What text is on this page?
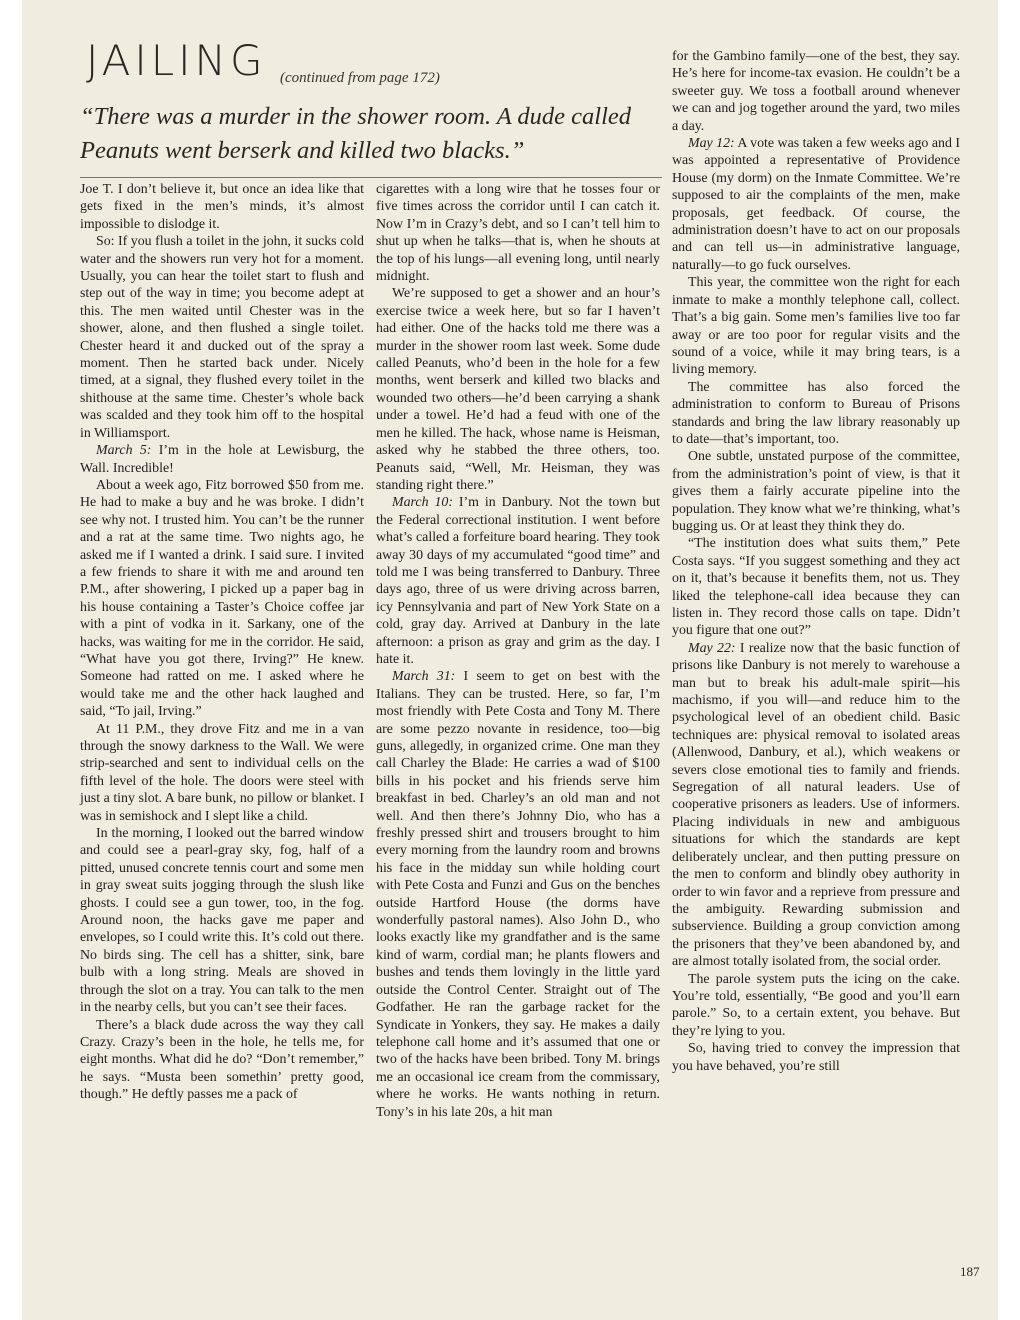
JAILING (continued from page 172)
“There was a murder in the shower room. A dude called Peanuts went berserk and killed two blacks.”

Joe T. I don’t believe it, but once an idea like that gets fixed in the men’s minds, it’s almost impossible to dislodge it.

So: If you flush a toilet in the john, it sucks cold water and the showers run very hot for a moment. Usually, you can hear the toilet start to flush and step out of the way in time; you become adept at this. The men waited until Chester was in the shower, alone, and then flushed a single toilet. Chester heard it and ducked out of the spray a moment. Then he started back under. Nicely timed, at a signal, they flushed every toilet in the shithouse at the same time. Chester’s whole back was scalded and they took him off to the hospital in Williamsport.

March 5: I’m in the hole at Lewisburg, the Wall. Incredible!

About a week ago, Fitz borrowed $50 from me. He had to make a buy and he was broke. I didn’t see why not. I trusted him. You can’t be the runner and a rat at the same time. Two nights ago, he asked me if I wanted a drink. I said sure. I invited a few friends to share it with me and around ten P.M., after showering, I picked up a paper bag in his house containing a Taster’s Choice coffee jar with a pint of vodka in it. Sarkany, one of the hacks, was waiting for me in the corridor. He said, “What have you got there, Irving?” He knew. Someone had ratted on me. I asked where he would take me and the other hack laughed and said, “To jail, Irving.”

At 11 P.M., they drove Fitz and me in a van through the snowy darkness to the Wall. We were strip-searched and sent to individual cells on the fifth level of the hole. The doors were steel with just a tiny slot. A bare bunk, no pillow or blanket. I was in semishock and I slept like a child.

In the morning, I looked out the barred window and could see a pearl-gray sky, fog, half of a pitted, unused concrete tennis court and some men in gray sweat suits jogging through the slush like ghosts. I could see a gun tower, too, in the fog. Around noon, the hacks gave me paper and envelopes, so I could write this. It’s cold out there. No birds sing. The cell has a shitter, sink, bare bulb with a long string. Meals are shoved in through the slot on a tray. You can talk to the men in the nearby cells, but you can’t see their faces.

There’s a black dude across the way they call Crazy. Crazy’s been in the hole, he tells me, for eight months. What did he do? “Don’t remember,” he says. “Musta been somethin’ pretty good, though.” He deftly passes me a pack of

cigarettes with a long wire that he tosses four or five times across the corridor until I can catch it. Now I’m in Crazy’s debt, and so I can’t tell him to shut up when he talks—that is, when he shouts at the top of his lungs—all evening long, until nearly midnight.

We’re supposed to get a shower and an hour’s exercise twice a week here, but so far I haven’t had either. One of the hacks told me there was a murder in the shower room last week. Some dude called Peanuts, who’d been in the hole for a few months, went berserk and killed two blacks and wounded two others—he’d been carrying a shank under a towel. He’d had a feud with one of the men he killed. The hack, whose name is Heisman, asked why he stabbed the three others, too. Peanuts said, “Well, Mr. Heisman, they was standing right there.”

March 10: I’m in Danbury. Not the town but the Federal correctional institution. I went before what’s called a forfeiture board hearing. They took away 30 days of my accumulated “good time” and told me I was being transferred to Danbury. Three days ago, three of us were driving across barren, icy Pennsylvania and part of New York State on a cold, gray day. Arrived at Danbury in the late afternoon: a prison as gray and grim as the day. I hate it.

March 31: I seem to get on best with the Italians. They can be trusted. Here, so far, I’m most friendly with Pete Costa and Tony M. There are some pezzo novante in residence, too—big guns, allegedly, in organized crime. One man they call Charley the Blade: He carries a wad of $100 bills in his pocket and his friends serve him breakfast in bed. Charley’s an old man and not well. And then there’s Johnny Dio, who has a freshly pressed shirt and trousers brought to him every morning from the laundry room and browns his face in the midday sun while holding court with Pete Costa and Funzi and Gus on the benches outside Hartford House (the dorms have wonderfully pastoral names). Also John D., who looks exactly like my grandfather and is the same kind of warm, cordial man; he plants flowers and bushes and tends them lovingly in the little yard outside the Control Center. Straight out of The Godfather. He ran the garbage racket for the Syndicate in Yonkers, they say. He makes a daily telephone call home and it’s assumed that one or two of the hacks have been bribed. Tony M. brings me an occasional ice cream from the commissary, where he works. He wants nothing in return. Tony’s in his late 20s, a hit man

for the Gambino family—one of the best, they say. He’s here for income-tax evasion. He couldn’t be a sweeter guy. We toss a football around whenever we can and jog together around the yard, two miles a day.

May 12: A vote was taken a few weeks ago and I was appointed a representative of Providence House (my dorm) on the Inmate Committee. We’re supposed to air the complaints of the men, make proposals, get feedback. Of course, the administration doesn’t have to act on our proposals and can tell us—in administrative language, naturally—to go fuck ourselves.

This year, the committee won the right for each inmate to make a monthly telephone call, collect. That’s a big gain. Some men’s families live too far away or are too poor for regular visits and the sound of a voice, while it may bring tears, is a living memory.

The committee has also forced the administration to conform to Bureau of Prisons standards and bring the law library reasonably up to date—that’s important, too.

One subtle, unstated purpose of the committee, from the administration’s point of view, is that it gives them a fairly accurate pipeline into the population. They know what we’re thinking, what’s bugging us. Or at least they think they do.

“The institution does what suits them,” Pete Costa says. “If you suggest something and they act on it, that’s because it benefits them, not us. They liked the telephone-call idea because they can listen in. They record those calls on tape. Didn’t you figure that one out?”

May 22: I realize now that the basic function of prisons like Danbury is not merely to warehouse a man but to break his adult-male spirit—his machismo, if you will—and reduce him to the psychological level of an obedient child. Basic techniques are: physical removal to isolated areas (Allenwood, Danbury, et al.), which weakens or severs close emotional ties to family and friends. Segregation of all natural leaders. Use of cooperative prisoners as leaders. Use of informers. Placing individuals in new and ambiguous situations for which the standards are kept deliberately unclear, and then putting pressure on the men to conform and blindly obey authority in order to win favor and a reprieve from pressure and the ambiguity. Rewarding submission and subservience. Building a group conviction among the prisoners that they’ve been abandoned by, and are almost totally isolated from, the social order.

The parole system puts the icing on the cake. You’re told, essentially, “Be good and you’ll earn parole.” So, to a certain extent, you behave. But they’re lying to you.

So, having tried to convey the impression that you have behaved, you’re still

187
